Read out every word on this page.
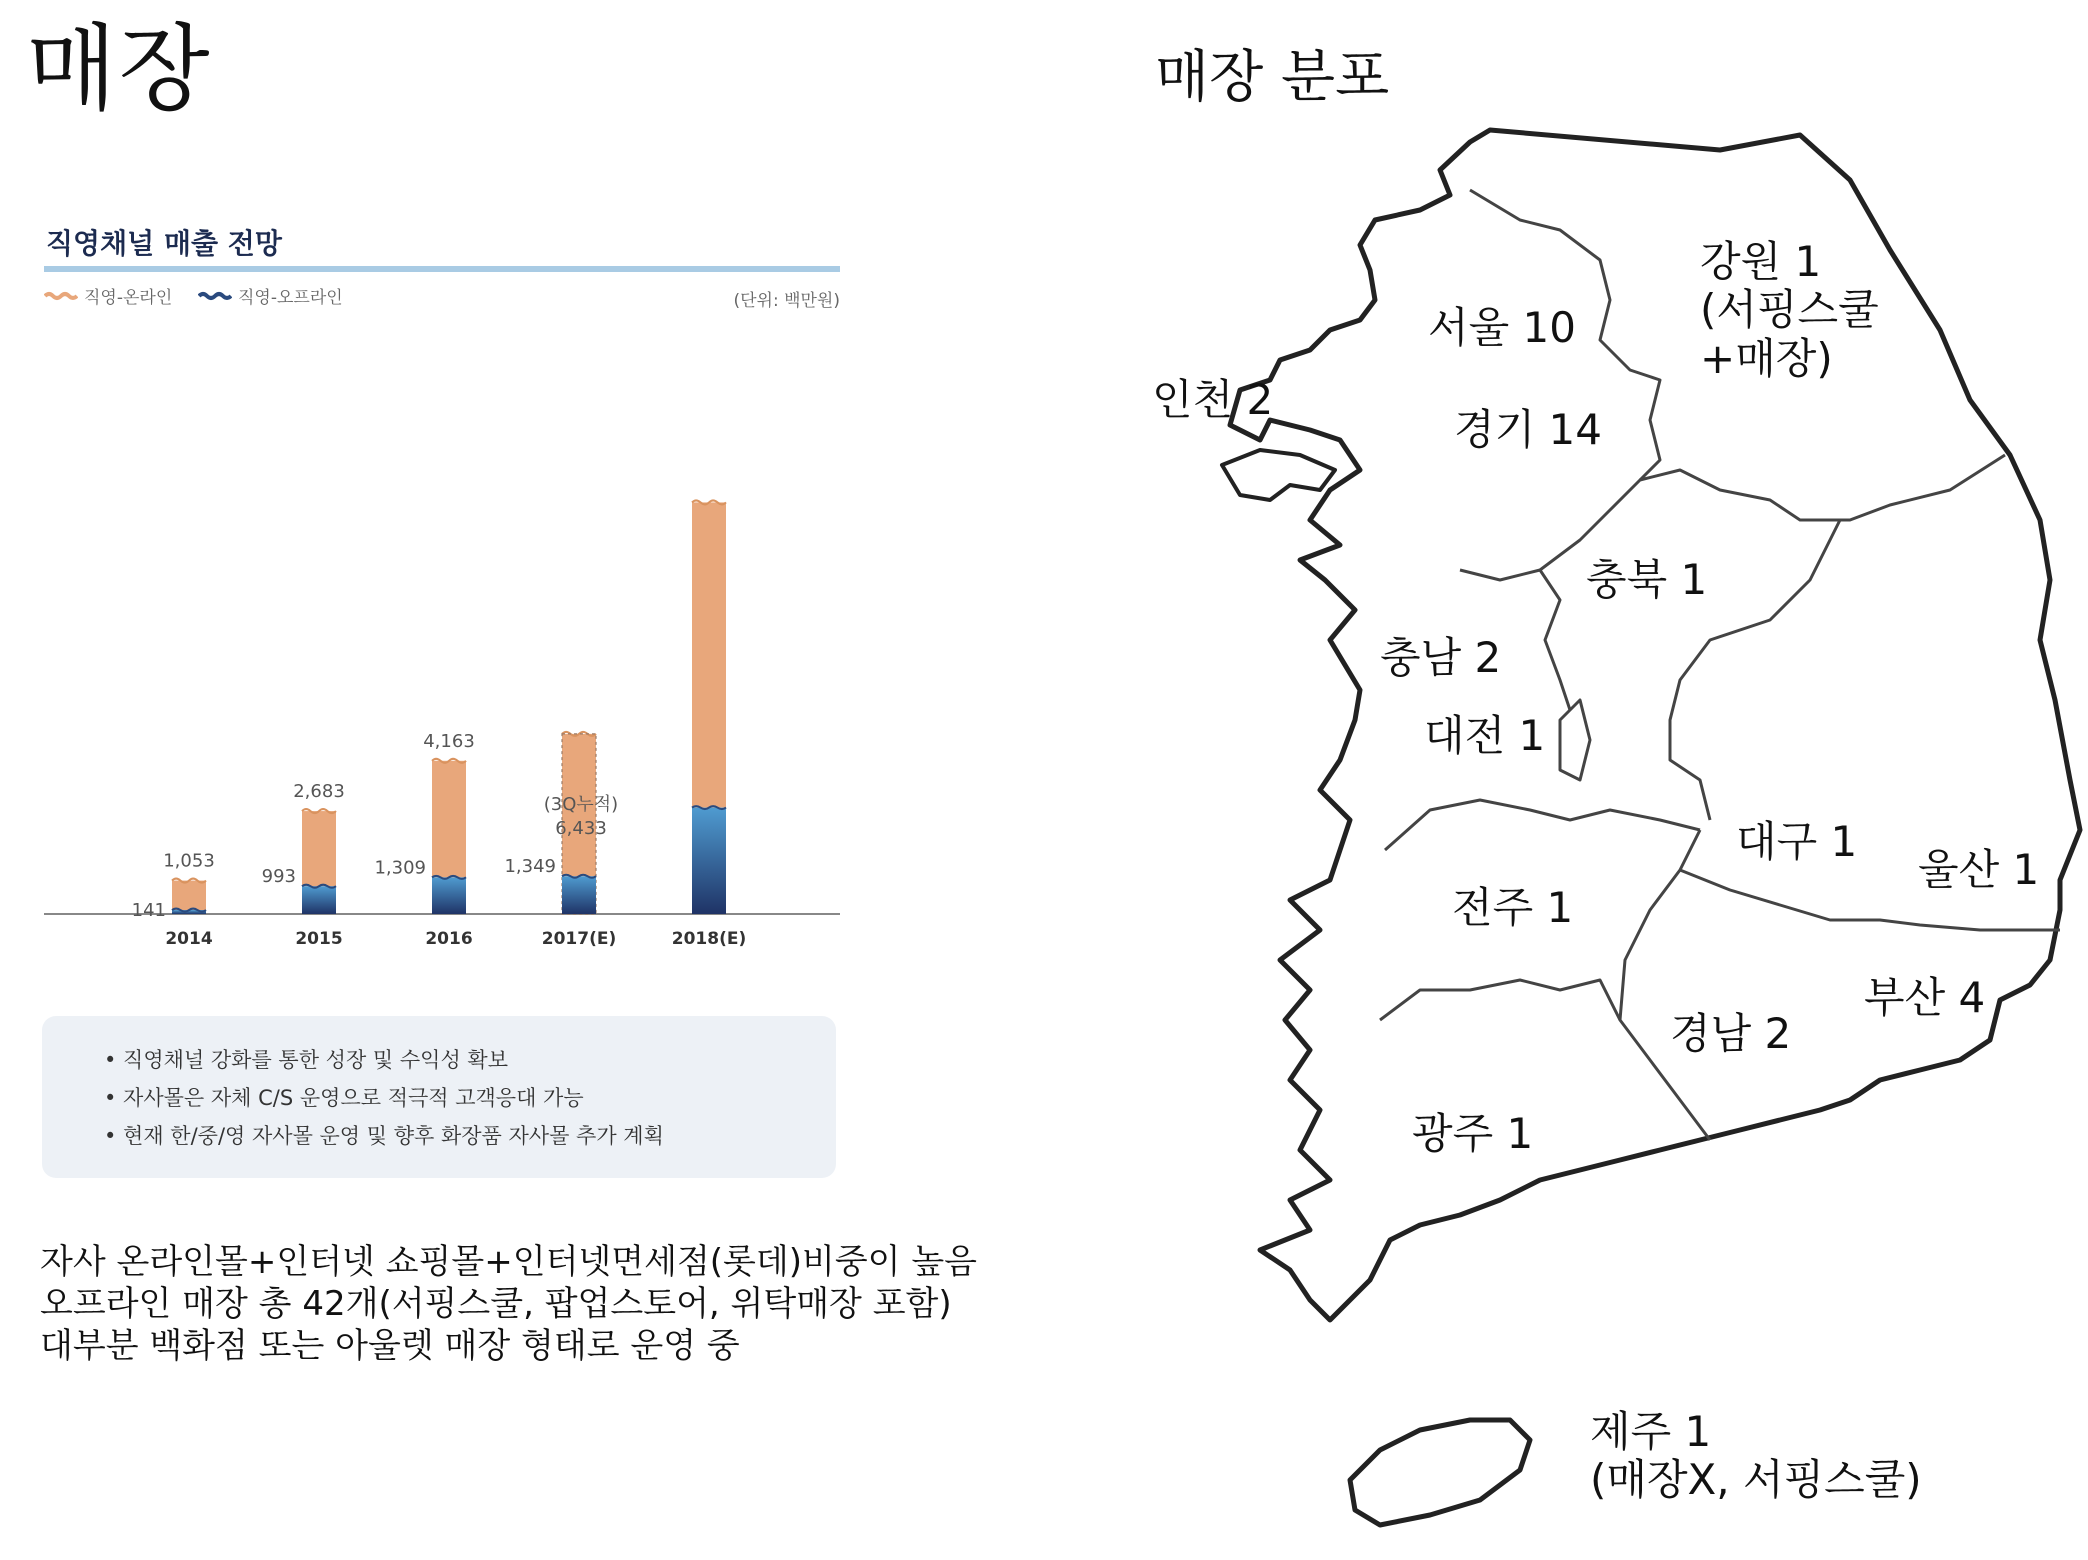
매장
직영채널 매출 전망
직영-온라인	직영-오프라인	(단위: 백만원)
2014
141
1,053
2015
993
2,683
2016
1,309
4,163
2017(E)
1,349
(3Q누적)
6,433
2018(E)
• 직영채널 강화를 통한 성장 및 수익성 확보
• 자사몰은 자체 C/S 운영으로 적극적 고객응대 가능
• 현재 한/중/영 자사몰 운영 및 향후 화장품 자사몰 추가 계획
자사 온라인몰+인터넷 쇼핑몰+인터넷면세점(롯데)비중이 높음
오프라인 매장 총 42개(서핑스쿨, 팝업스토어, 위탁매장 포함)
대부분 백화점 또는 아울렛 매장 형태로 운영 중
매장 분포
강원 1
(서핑스쿨
+매장)
서울 10
인천 2
경기 14
충북 1
충남 2
대전 1
대구 1
울산 1
전주 1
부산 4
경남 2
광주 1
제주 1
(매장X, 서핑스쿨)
